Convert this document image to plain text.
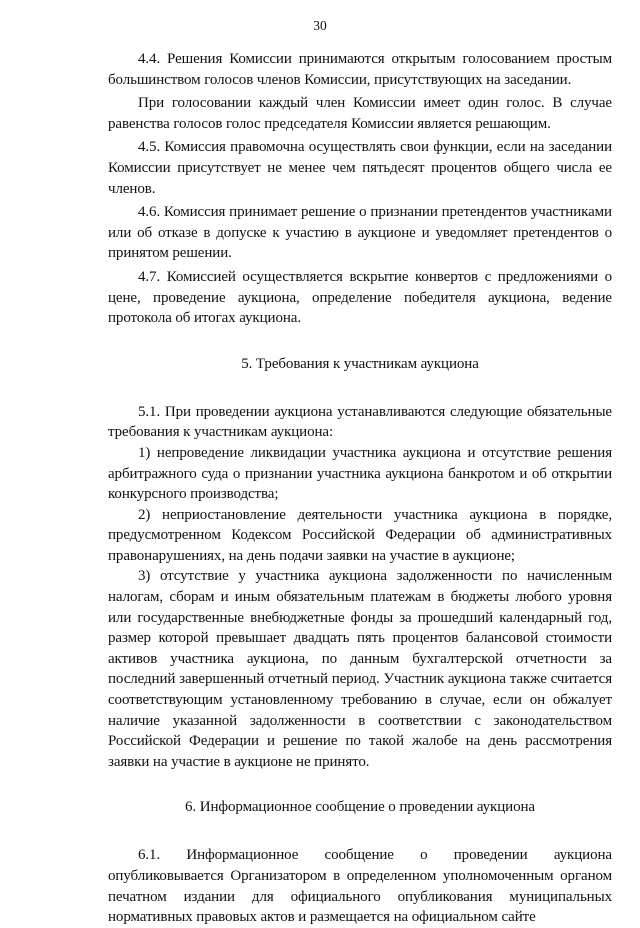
30

4.4. Решения Комиссии принимаются открытым голосованием простым большинством голосов членов Комиссии, присутствующих на заседании.

При голосовании каждый член Комиссии имеет один голос. В случае равенства голосов голос председателя Комиссии является решающим.

4.5. Комиссия правомочна осуществлять свои функции, если на заседании Комиссии присутствует не менее чем пятьдесят процентов общего числа ее членов.

4.6. Комиссия принимает решение о признании претендентов участниками или об отказе в допуске к участию в аукционе и уведомляет претендентов о принятом решении.

4.7. Комиссией осуществляется вскрытие конвертов с предложениями о цене, проведение аукциона, определение победителя аукциона, ведение протокола об итогах аукциона.

5. Требования к участникам аукциона

5.1. При проведении аукциона устанавливаются следующие обязательные требования к участникам аукциона:

1) непроведение ликвидации участника аукциона и отсутствие решения арбитражного суда о признании участника аукциона банкротом и об открытии конкурсного производства;

2) неприостановление деятельности участника аукциона в порядке, предусмотренном Кодексом Российской Федерации об административных правонарушениях, на день подачи заявки на участие в аукционе;

3) отсутствие у участника аукциона задолженности по начисленным налогам, сборам и иным обязательным платежам в бюджеты любого уровня или государственные внебюджетные фонды за прошедший календарный год, размер которой превышает двадцать пять процентов балансовой стоимости активов участника аукциона, по данным бухгалтерской отчетности за последний завершенный отчетный период. Участник аукциона также считается соответствующим установленному требованию в случае, если он обжалует наличие указанной задолженности в соответствии с законодательством Российской Федерации и решение по такой жалобе на день рассмотрения заявки на участие в аукционе не принято.

6. Информационное сообщение о проведении аукциона

6.1. Информационное сообщение о проведении аукциона опубликовывается Организатором в определенном уполномоченным органом печатном издании для официального опубликования муниципальных нормативных правовых актов и размещается на официальном сайте
